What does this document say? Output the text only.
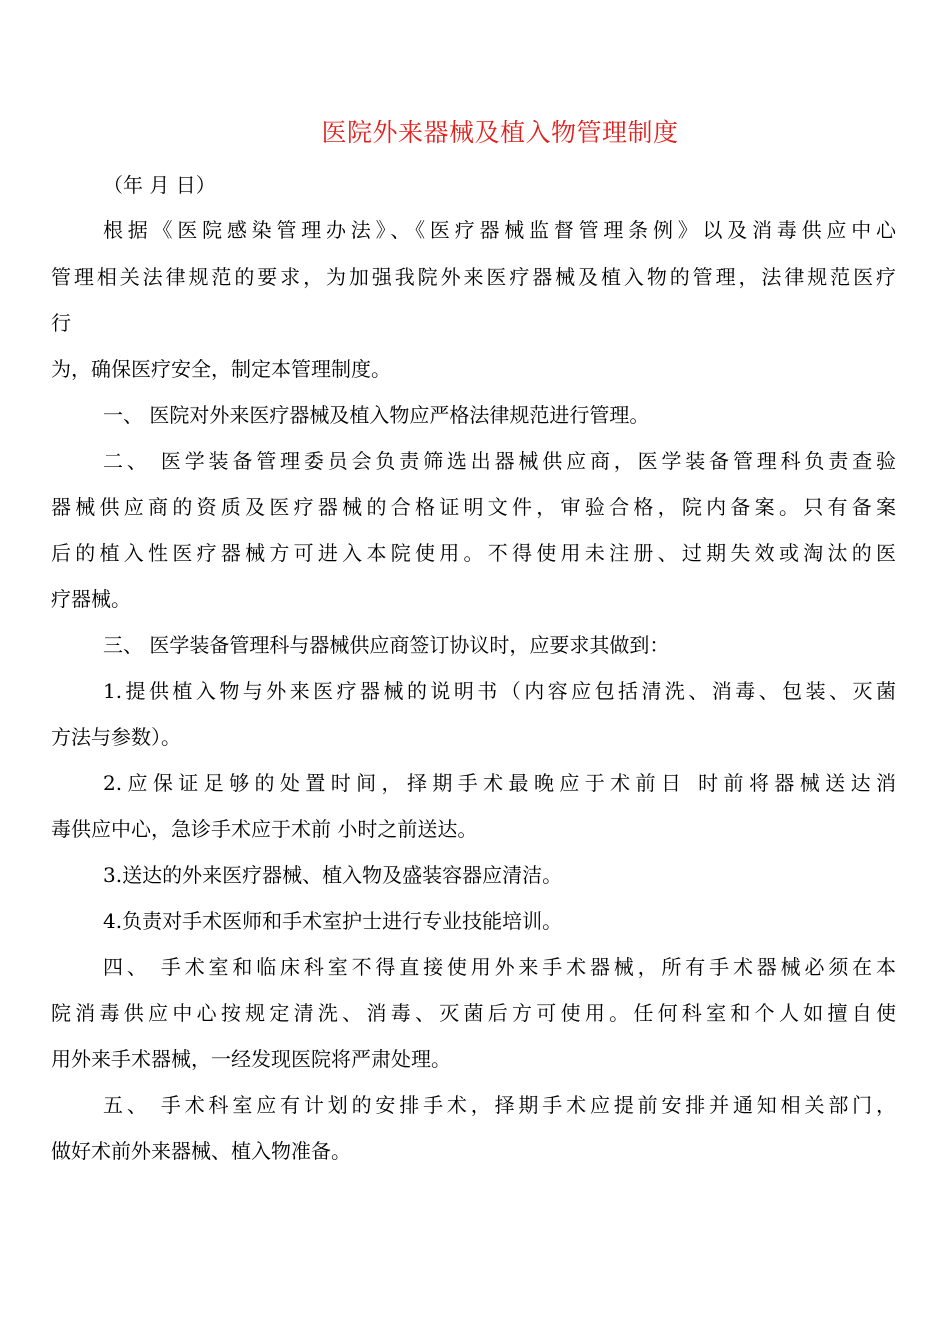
医院外来器械及植入物管理制度

（年 月 日）

根据《医院感染管理办法》、《医疗器械监督管理条例》以及消毒供应中心

管理相关法律规范的要求，为加强我院外来医疗器械及植入物的管理，法律规范医疗

行

为，确保医疗安全，制定本管理制度。

一、 医院对外来医疗器械及植入物应严格法律规范进行管理。

二、 医学装备管理委员会负责筛选出器械供应商，医学装备管理科负责查验

器械供应商的资质及医疗器械的合格证明文件，审验合格，院内备案。只有备案

后的植入性医疗器械方可进入本院使用。不得使用未注册、过期失效或淘汰的医

疗器械。

三、 医学装备管理科与器械供应商签订协议时，应要求其做到：

1.提供植入物与外来医疗器械的说明书（内容应包括清洗、消毒、包装、灭菌

方法与参数）。

2.应保证足够的处置时间，择期手术最晚应于术前日 时前将器械送达消

毒供应中心，急诊手术应于术前 小时之前送达。

3.送达的外来医疗器械、植入物及盛装容器应清洁。

4.负责对手术医师和手术室护士进行专业技能培训。

四、 手术室和临床科室不得直接使用外来手术器械，所有手术器械必须在本

院消毒供应中心按规定清洗、消毒、灭菌后方可使用。任何科室和个人如擅自使

用外来手术器械，一经发现医院将严肃处理。

五、 手术科室应有计划的安排手术，择期手术应提前安排并通知相关部门，

做好术前外来器械、植入物准备。
